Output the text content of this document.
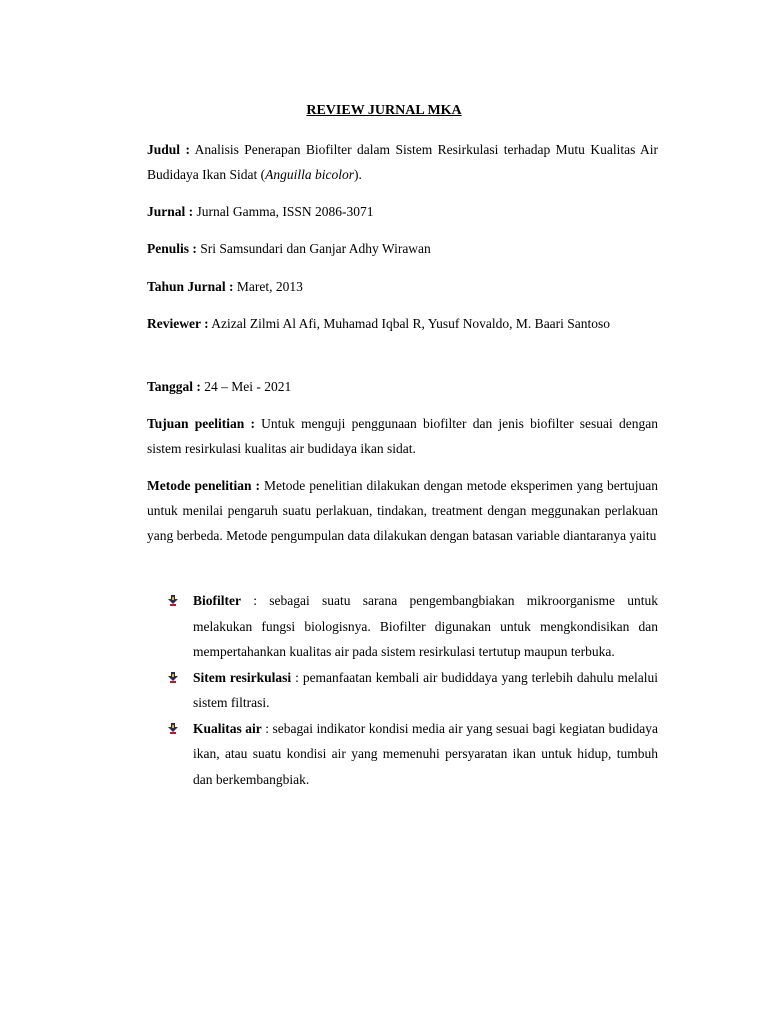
REVIEW JURNAL MKA

Judul : Analisis Penerapan Biofilter dalam Sistem Resirkulasi terhadap Mutu Kualitas Air Budidaya Ikan Sidat (Anguilla bicolor).

Jurnal : Jurnal Gamma, ISSN 2086-3071

Penulis : Sri Samsundari dan Ganjar Adhy Wirawan

Tahun Jurnal : Maret, 2013

Reviewer : Azizal Zilmi Al Afi, Muhamad Iqbal R, Yusuf Novaldo, M. Baari Santoso

Tanggal : 24 – Mei - 2021

Tujuan peelitian : Untuk menguji penggunaan biofilter dan jenis biofilter sesuai dengan sistem resirkulasi kualitas air budidaya ikan sidat.

Metode penelitian : Metode penelitian dilakukan dengan metode eksperimen yang bertujuan untuk menilai pengaruh suatu perlakuan, tindakan, treatment dengan meggunakan perlakuan yang berbeda. Metode pengumpulan data dilakukan dengan batasan variable diantaranya yaitu

Biofilter : sebagai suatu sarana pengembangbiakan mikroorganisme untuk melakukan fungsi biologisnya. Biofilter digunakan untuk mengkondisikan dan mempertahankan kualitas air pada sistem resirkulasi tertutup maupun terbuka.
Sitem resirkulasi : pemanfaatan kembali air budiddaya yang terlebih dahulu melalui sistem filtrasi.
Kualitas air : sebagai indikator kondisi media air yang sesuai bagi kegiatan budidaya ikan, atau suatu kondisi air yang memenuhi persyaratan ikan untuk hidup, tumbuh dan berkembangbiak.
